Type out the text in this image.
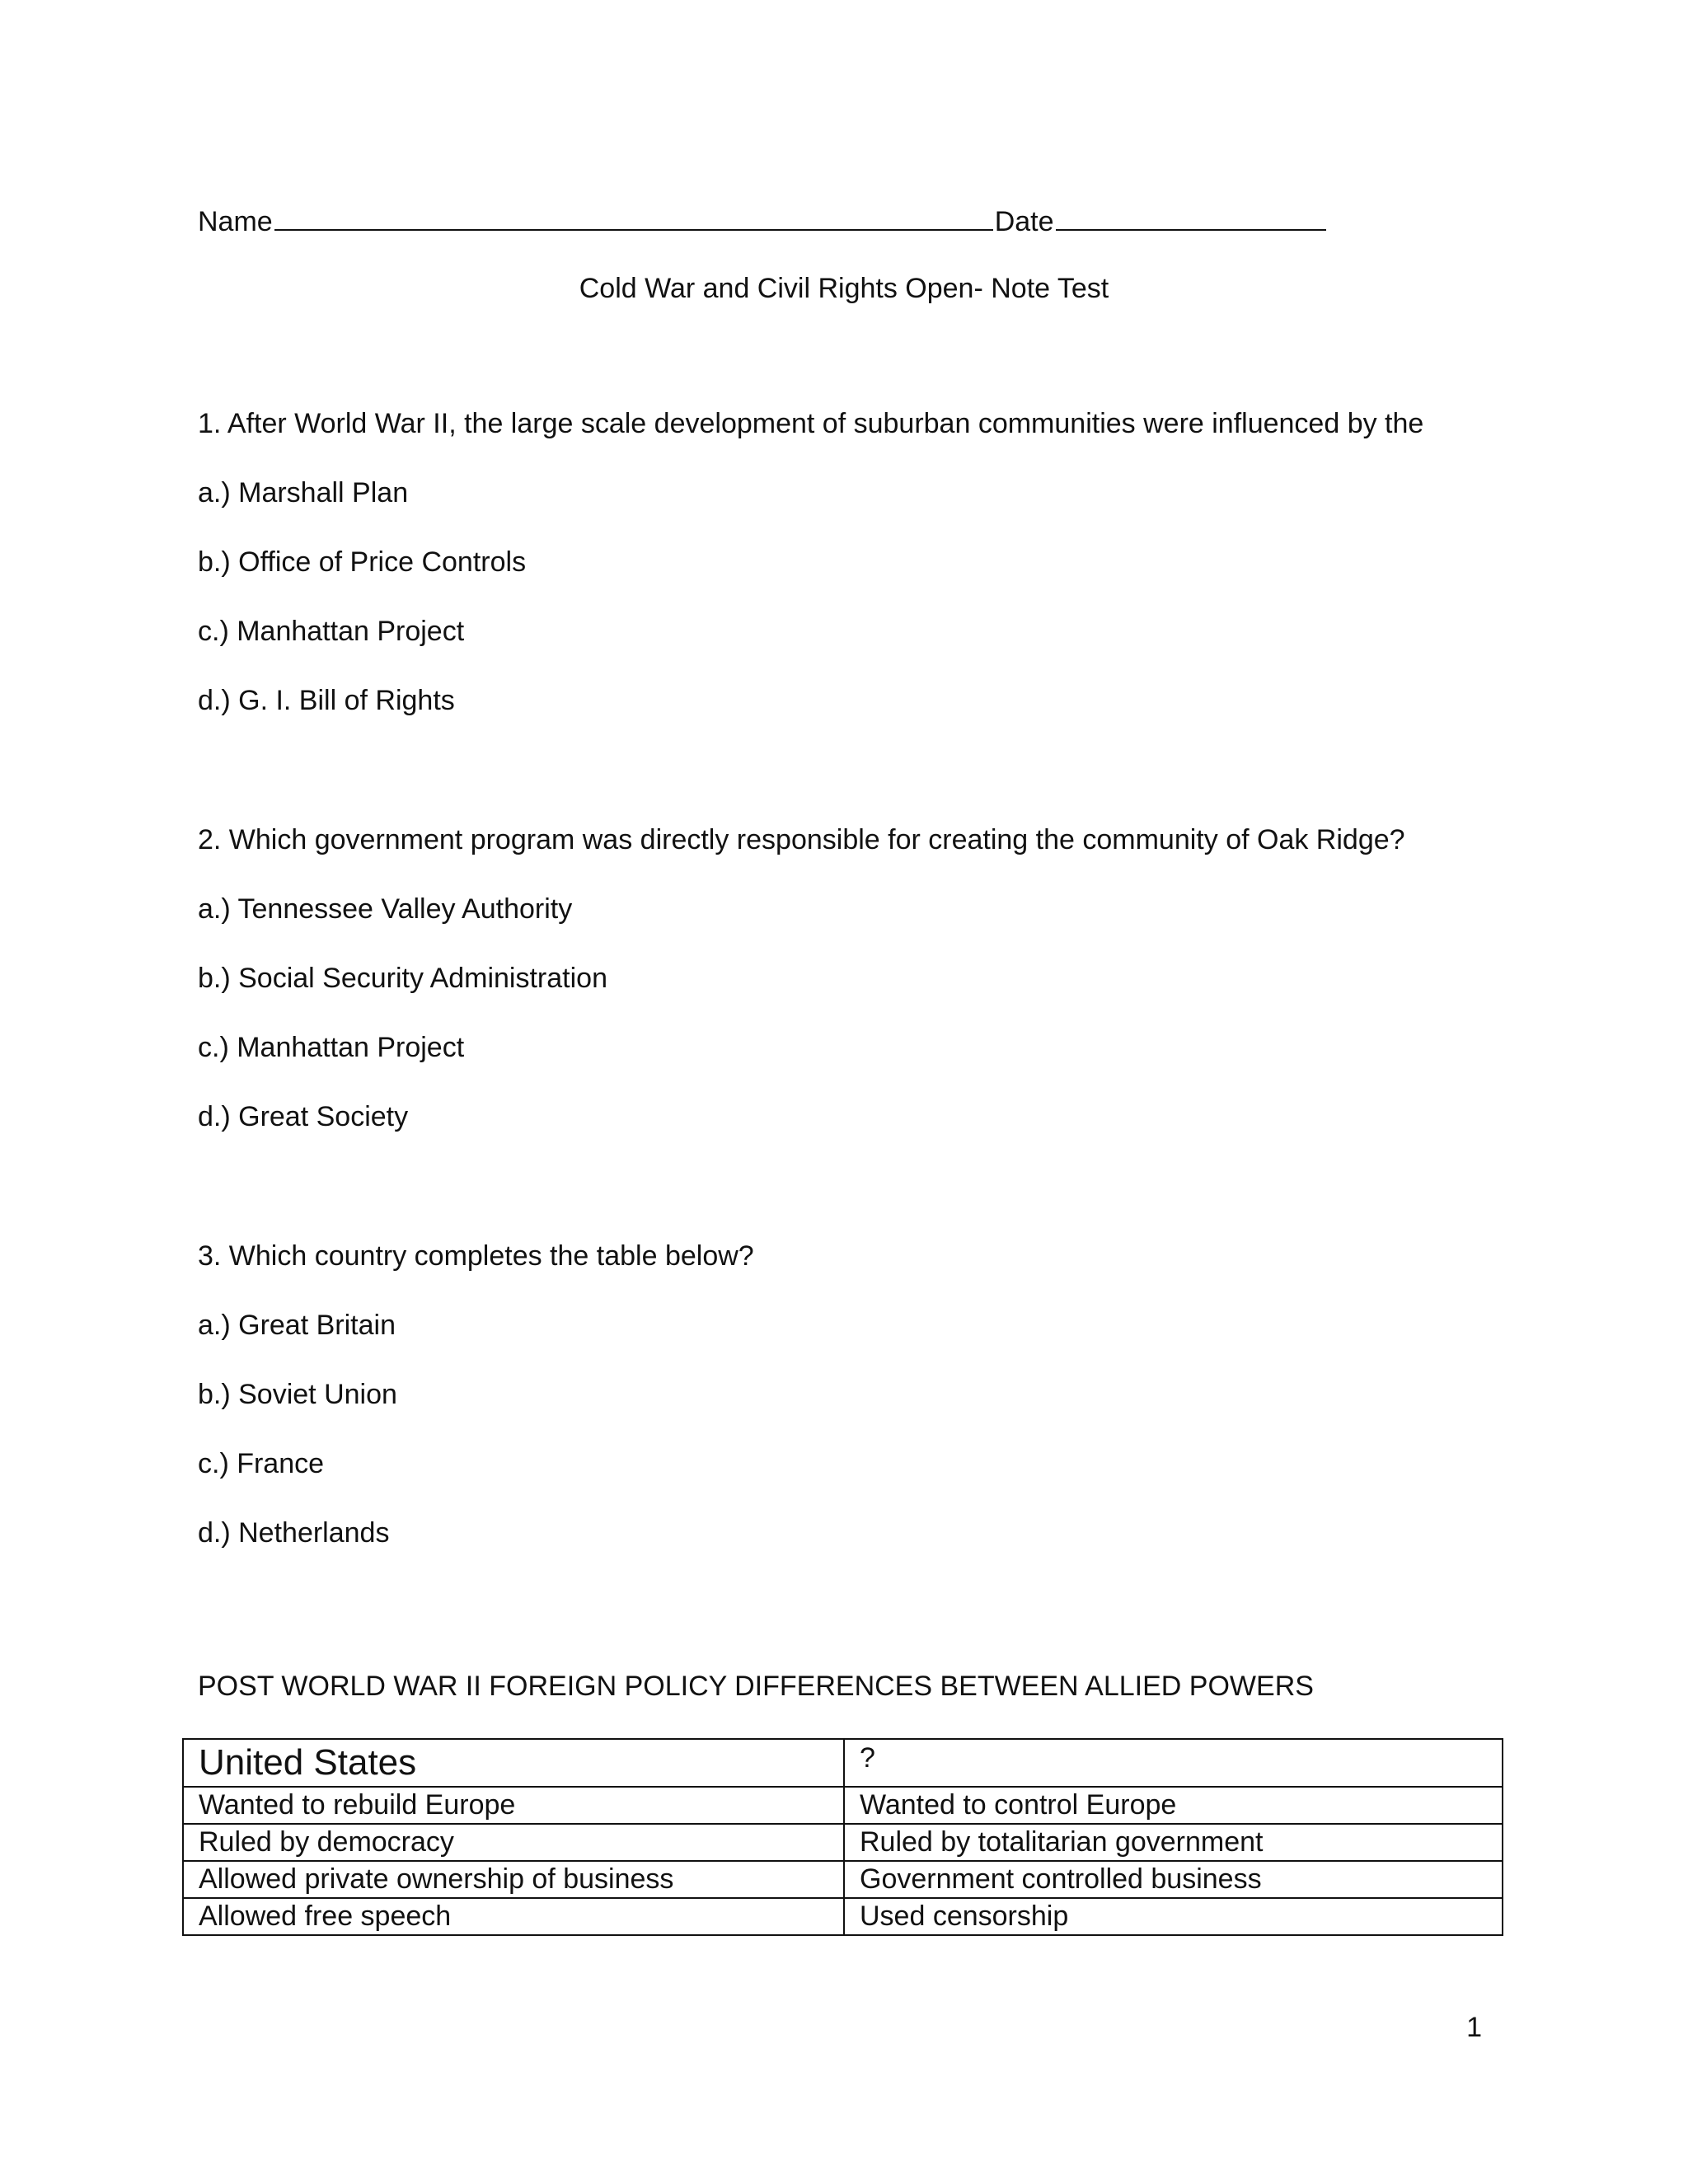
Name	Date
Cold War and Civil Rights Open- Note Test
1. After World War II, the large scale development of suburban communities were influenced by the
a.) Marshall Plan
b.) Office of Price Controls
c.) Manhattan Project
d.) G. I. Bill of Rights
2. Which government program was directly responsible for creating the community of Oak Ridge?
a.) Tennessee Valley Authority
b.) Social Security Administration
c.) Manhattan Project
d.) Great Society
3. Which country completes the table below?
a.) Great Britain
b.) Soviet Union
c.) France
d.) Netherlands
POST WORLD WAR II FOREIGN POLICY DIFFERENCES BETWEEN ALLIED POWERS
United States	?
Wanted to rebuild Europe	Wanted to control Europe
Ruled by democracy	Ruled by totalitarian government
Allowed private ownership of business	Government controlled business
Allowed free speech	Used censorship
1
